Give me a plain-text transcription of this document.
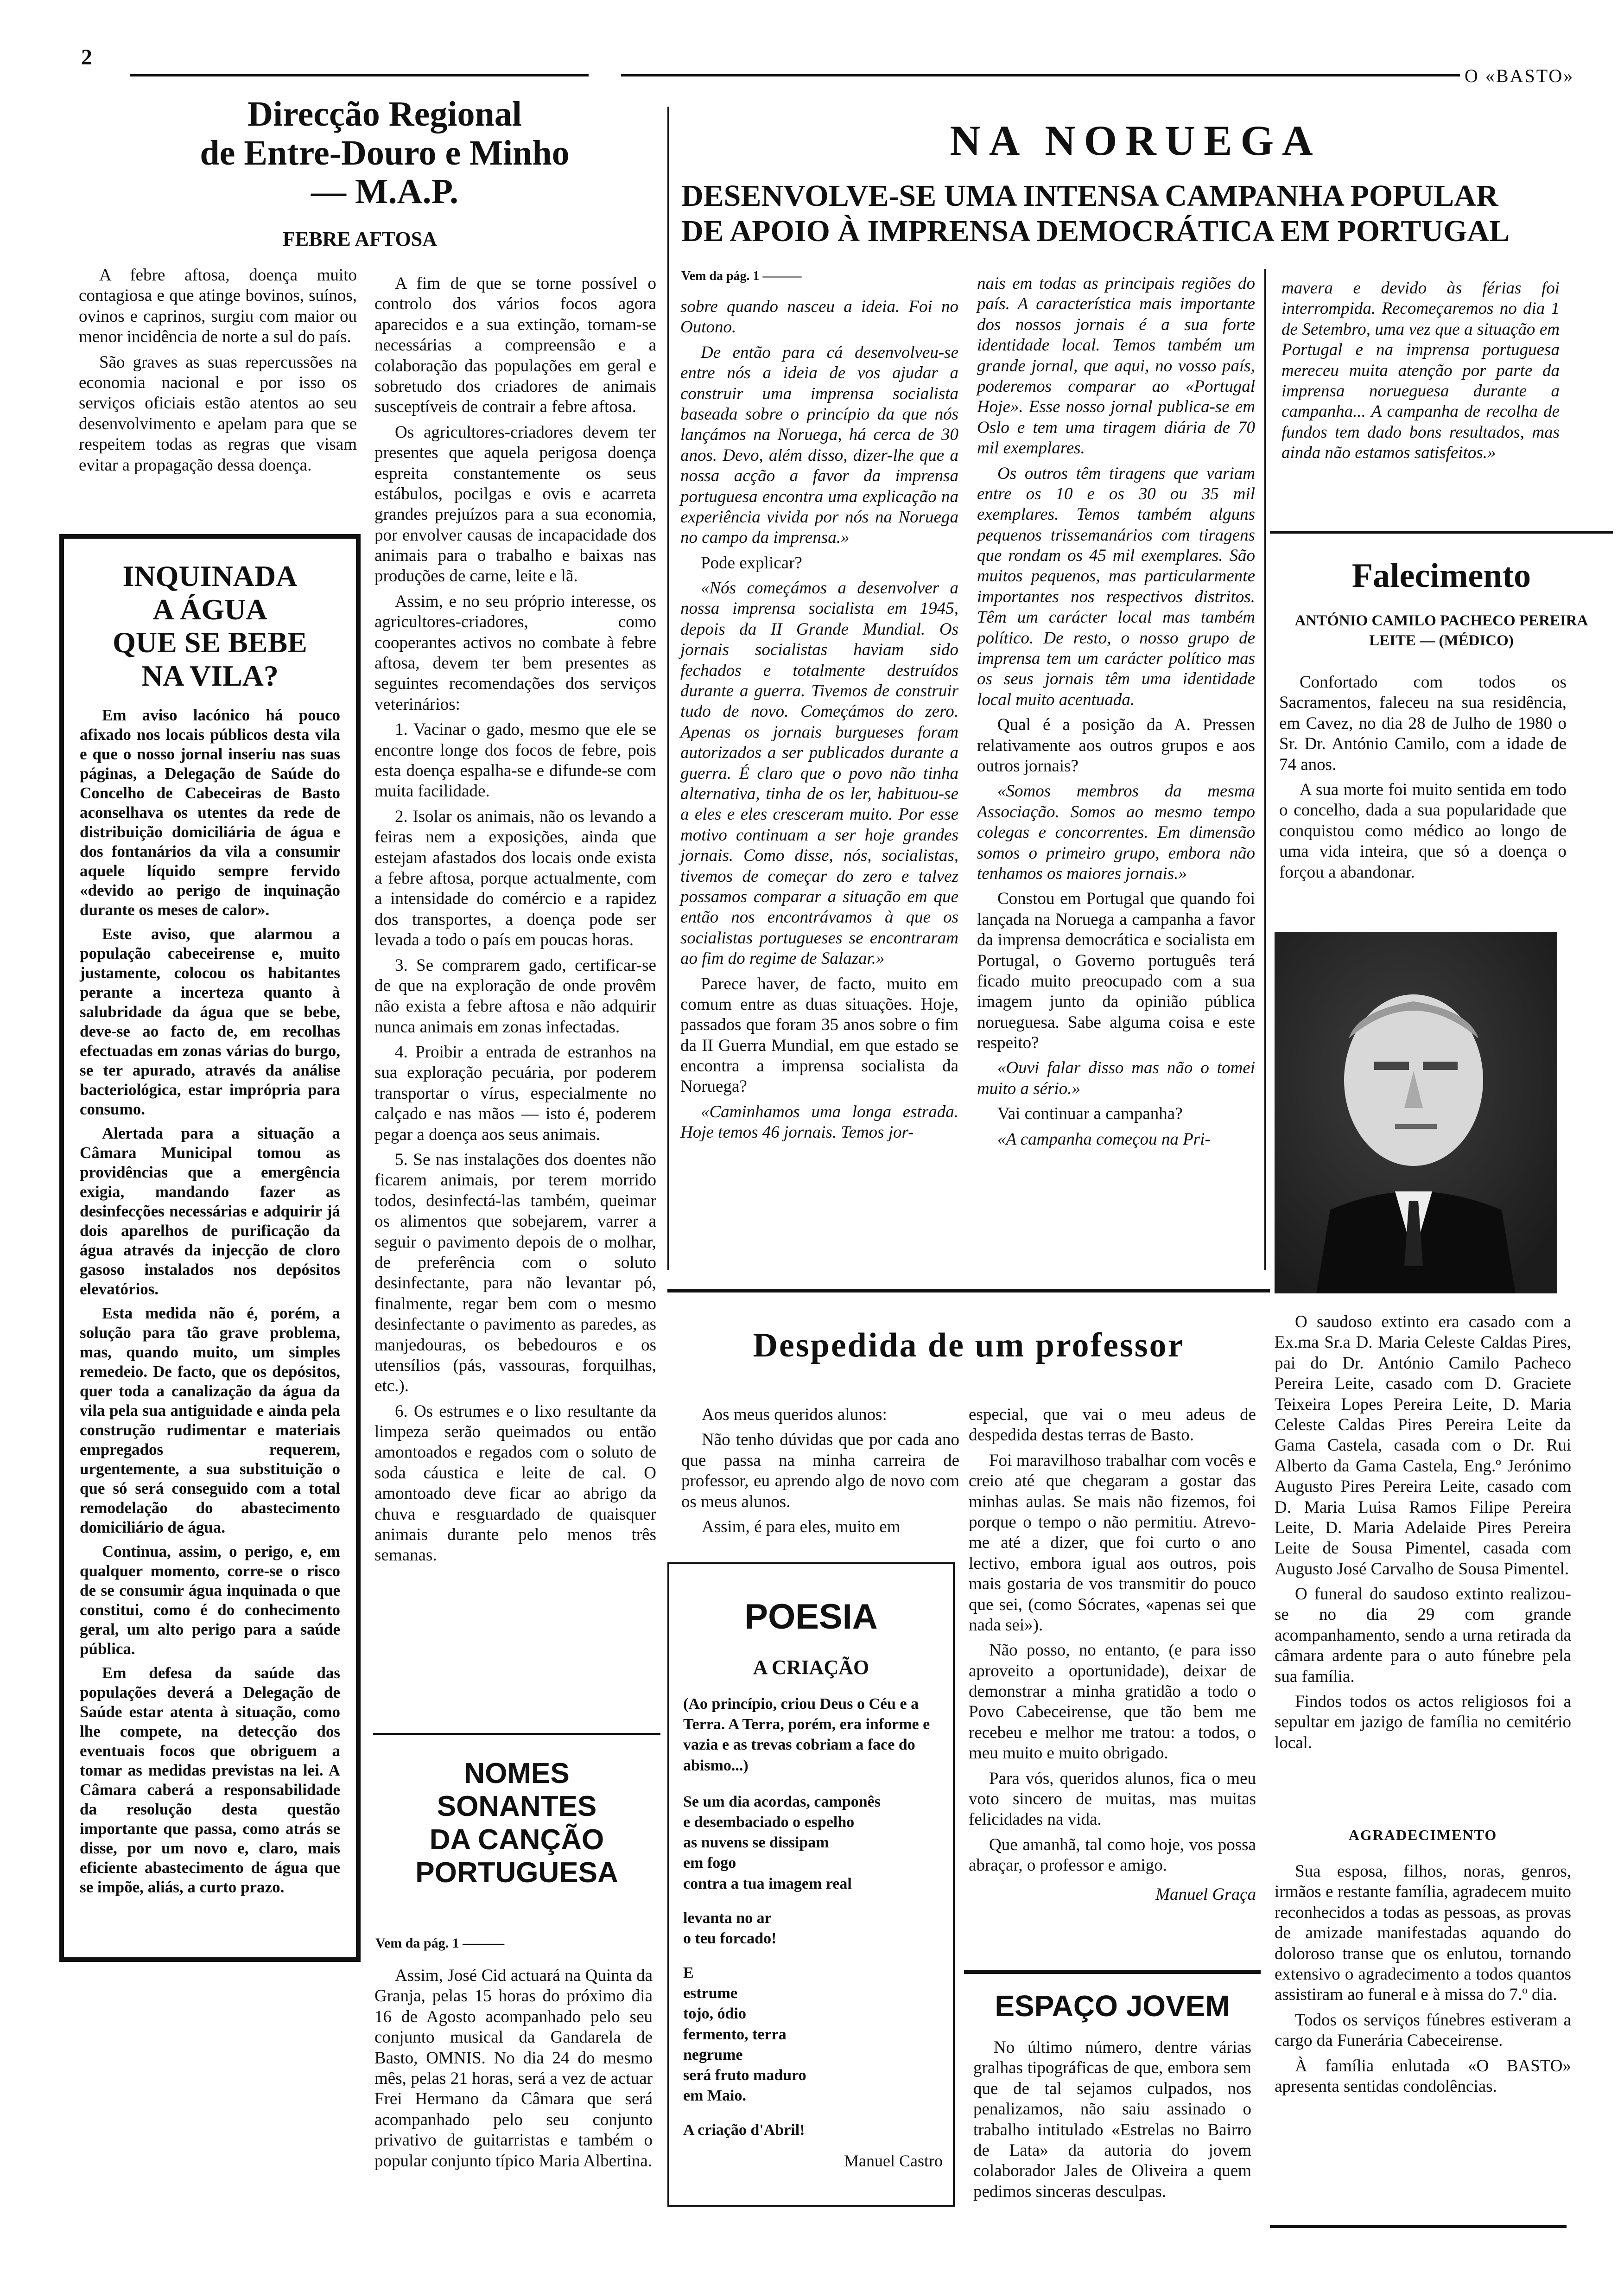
2
O «BASTO»
Direcção Regional
de Entre-Douro e Minho
— M.A.P.
FEBRE AFTOSA

A febre aftosa, doença muito contagiosa e que atinge bovinos, suínos, ovinos e caprinos, surgiu com maior ou menor incidência de norte a sul do país.

São graves as suas repercussões na economia nacional e por isso os serviços oficiais estão atentos ao seu desenvolvimento e apelam para que se respeitem todas as regras que visam evitar a propagação dessa doença.

A fim de que se torne possível o controlo dos vários focos agora aparecidos e a sua extinção, tornam-se necessárias a compreensão e a colaboração das populações em geral e sobretudo dos criadores de animais susceptíveis de contrair a febre aftosa.

Os agricultores-criadores devem ter presentes que aquela perigosa doença espreita constantemente os seus estábulos, pocilgas e ovis e acarreta grandes prejuízos para a sua economia, por envolver causas de incapacidade dos animais para o trabalho e baixas nas produções de carne, leite e lã.

Assim, e no seu próprio interesse, os agricultores-criadores, como cooperantes activos no combate à febre aftosa, devem ter bem presentes as seguintes recomendações dos serviços veterinários:

1. Vacinar o gado, mesmo que ele se encontre longe dos focos de febre, pois esta doença espalha-se e difunde-se com muita facilidade.

2. Isolar os animais, não os levando a feiras nem a exposições, ainda que estejam afastados dos locais onde exista a febre aftosa, porque actualmente, com a intensidade do comércio e a rapidez dos transportes, a doença pode ser levada a todo o país em poucas horas.

3. Se comprarem gado, certificar-se de que na exploração de onde provêm não exista a febre aftosa e não adquirir nunca animais em zonas infectadas.

4. Proibir a entrada de estranhos na sua exploração pecuária, por poderem transportar o vírus, especialmente no calçado e nas mãos — isto é, poderem pegar a doença aos seus animais.

5. Se nas instalações dos doentes não ficarem animais, por terem morrido todos, desinfectá-las também, queimar os alimentos que sobejarem, varrer a seguir o pavimento depois de o molhar, de preferência com o soluto desinfectante, para não levantar pó, finalmente, regar bem com o mesmo desinfectante o pavimento as paredes, as manjedouras, os bebedouros e os utensílios (pás, vassouras, forquilhas, etc.).

6. Os estrumes e o lixo resultante da limpeza serão queimados ou então amontoados e regados com o soluto de soda cáustica e leite de cal. O amontoado deve ficar ao abrigo da chuva e resguardado de quaisquer animais durante pelo menos três semanas.

INQUINADA
A ÁGUA
QUE SE BEBE
NA VILA?

Em aviso lacónico há pouco afixado nos locais públicos desta vila e que o nosso jornal inseriu nas suas páginas, a Delegação de Saúde do Concelho de Cabeceiras de Basto aconselhava os utentes da rede de distribuição domiciliária de água e dos fontanários da vila a consumir aquele líquido sempre fervido «devido ao perigo de inquinação durante os meses de calor».

Este aviso, que alarmou a população cabeceirense e, muito justamente, colocou os habitantes perante a incerteza quanto à salubridade da água que se bebe, deve-se ao facto de, em recolhas efectuadas em zonas várias do burgo, se ter apurado, através da análise bacteriológica, estar imprópria para consumo.

Alertada para a situação a Câmara Municipal tomou as providências que a emergência exigia, mandando fazer as desinfecções necessárias e adquirir já dois aparelhos de purificação da água através da injecção de cloro gasoso instalados nos depósitos elevatórios.

Esta medida não é, porém, a solução para tão grave problema, mas, quando muito, um simples remedeio. De facto, que os depósitos, quer toda a canalização da água da vila pela sua antiguidade e ainda pela construção rudimentar e materiais empregados requerem, urgentemente, a sua substituição o que só será conseguido com a total remodelação do abastecimento domiciliário de água.

Continua, assim, o perigo, e, em qualquer momento, corre-se o risco de se consumir água inquinada o que constitui, como é do conhecimento geral, um alto perigo para a saúde pública.

Em defesa da saúde das populações deverá a Delegação de Saúde estar atenta à situação, como lhe compete, na detecção dos eventuais focos que obriguem a tomar as medidas previstas na lei. A Câmara caberá a responsabilidade da resolução desta questão importante que passa, como atrás se disse, por um novo e, claro, mais eficiente abastecimento de água que se impõe, aliás, a curto prazo.

NOMES
SONANTES
DA CANÇÃO
PORTUGUESA
Vem da pág. 1 ———

Assim, José Cid actuará na Quinta da Granja, pelas 15 horas do próximo dia 16 de Agosto acompanhado pelo seu conjunto musical da Gandarela de Basto, OMNIS. No dia 24 do mesmo mês, pelas 21 horas, será a vez de actuar Frei Hermano da Câmara que será acompanhado pelo seu conjunto privativo de guitarristas e também o popular conjunto típico Maria Albertina.

NA NORUEGA
DESENVOLVE-SE UMA INTENSA CAMPANHA POPULAR
DE APOIO À IMPRENSA DEMOCRÁTICA EM PORTUGAL
Vem da pág. 1 ———

sobre quando nasceu a ideia. Foi no Outono.

De então para cá desenvolveu-se entre nós a ideia de vos ajudar a construir uma imprensa socialista baseada sobre o princípio da que nós lançámos na Noruega, há cerca de 30 anos. Devo, além disso, dizer-lhe que a nossa acção a favor da imprensa portuguesa encontra uma explicação na experiência vivida por nós na Noruega no campo da imprensa.»

Pode explicar?

«Nós começámos a desenvolver a nossa imprensa socialista em 1945, depois da II Grande Mundial. Os jornais socialistas haviam sido fechados e totalmente destruídos durante a guerra. Tivemos de construir tudo de novo. Começámos do zero. Apenas os jornais burgueses foram autorizados a ser publicados durante a guerra. É claro que o povo não tinha alternativa, tinha de os ler, habituou-se a eles e eles cresceram muito. Por esse motivo continuam a ser hoje grandes jornais. Como disse, nós, socialistas, tivemos de começar do zero e talvez possamos comparar a situação em que então nos encontrávamos à que os socialistas portugueses se encontraram ao fim do regime de Salazar.»

Parece haver, de facto, muito em comum entre as duas situações. Hoje, passados que foram 35 anos sobre o fim da II Guerra Mundial, em que estado se encontra a imprensa socialista da Noruega?

«Caminhamos uma longa estrada. Hoje temos 46 jornais. Temos jor-

nais em todas as principais regiões do país. A característica mais importante dos nossos jornais é a sua forte identidade local. Temos também um grande jornal, que aqui, no vosso país, poderemos comparar ao «Portugal Hoje». Esse nosso jornal publica-se em Oslo e tem uma tiragem diária de 70 mil exemplares.

Os outros têm tiragens que variam entre os 10 e os 30 ou 35 mil exemplares. Temos também alguns pequenos trissemanários com tiragens que rondam os 45 mil exemplares. São muitos pequenos, mas particularmente importantes nos respectivos distritos. Têm um carácter local mas também político. De resto, o nosso grupo de imprensa tem um carácter político mas os seus jornais têm uma identidade local muito acentuada.

Qual é a posição da A. Pressen relativamente aos outros grupos e aos outros jornais?

«Somos membros da mesma Associação. Somos ao mesmo tempo colegas e concorrentes. Em dimensão somos o primeiro grupo, embora não tenhamos os maiores jornais.»

Constou em Portugal que quando foi lançada na Noruega a campanha a favor da imprensa democrática e socialista em Portugal, o Governo português terá ficado muito preocupado com a sua imagem junto da opinião pública norueguesa. Sabe alguma coisa e este respeito?

«Ouvi falar disso mas não o tomei muito a sério.»

Vai continuar a campanha?

«A campanha começou na Pri-

mavera e devido às férias foi interrompida. Recomeçaremos no dia 1 de Setembro, uma vez que a situação em Portugal e na imprensa portuguesa mereceu muita atenção por parte da imprensa norueguesa durante a campanha... A campanha de recolha de fundos tem dado bons resultados, mas ainda não estamos satisfeitos.»

Falecimento
ANTÓNIO CAMILO PACHECO PEREIRA LEITE — (MÉDICO)

Confortado com todos os Sacramentos, faleceu na sua residência, em Cavez, no dia 28 de Julho de 1980 o Sr. Dr. António Camilo, com a idade de 74 anos.

A sua morte foi muito sentida em todo o concelho, dada a sua popularidade que conquistou como médico ao longo de uma vida inteira, que só a doença o forçou a abandonar.

O saudoso extinto era casado com a Ex.ma Sr.a D. Maria Celeste Caldas Pires, pai do Dr. António Camilo Pacheco Pereira Leite, casado com D. Graciete Teixeira Lopes Pereira Leite, D. Maria Celeste Caldas Pires Pereira Leite da Gama Castela, casada com o Dr. Rui Alberto da Gama Castela, Eng.º Jerónimo Augusto Pires Pereira Leite, casado com D. Maria Luisa Ramos Filipe Pereira Leite, D. Maria Adelaide Pires Pereira Leite de Sousa Pimentel, casada com Augusto José Carvalho de Sousa Pimentel.

O funeral do saudoso extinto realizou-se no dia 29 com grande acompanhamento, sendo a urna retirada da câmara ardente para o auto fúnebre pela sua família.

Findos todos os actos religiosos foi a sepultar em jazigo de família no cemitério local.

AGRADECIMENTO

Sua esposa, filhos, noras, genros, irmãos e restante família, agradecem muito reconhecidos a todas as pessoas, as provas de amizade manifestadas aquando do doloroso transe que os enlutou, tornando extensivo o agradecimento a todos quantos assistiram ao funeral e à missa do 7.º dia.

Todos os serviços fúnebres estiveram a cargo da Funerária Cabeceirense.

À família enlutada «O BASTO» apresenta sentidas condolências.

Despedida de um professor

Aos meus queridos alunos:

Não tenho dúvidas que por cada ano que passa na minha carreira de professor, eu aprendo algo de novo com os meus alunos.

Assim, é para eles, muito em

especial, que vai o meu adeus de despedida destas terras de Basto.

Foi maravilhoso trabalhar com vocês e creio até que chegaram a gostar das minhas aulas. Se mais não fizemos, foi porque o tempo o não permitiu. Atrevo-me até a dizer, que foi curto o ano lectivo, embora igual aos outros, pois mais gostaria de vos transmitir do pouco que sei, (como Sócrates, «apenas sei que nada sei»).

Não posso, no entanto, (e para isso aproveito a oportunidade), deixar de demonstrar a minha gratidão a todo o Povo Cabeceirense, que tão bem me recebeu e melhor me tratou: a todos, o meu muito e muito obrigado.

Para vós, queridos alunos, fica o meu voto sincero de muitas, mas muitas felicidades na vida.

Que amanhã, tal como hoje, vos possa abraçar, o professor e amigo.

Manuel Graça

POESIA
A CRIAÇÃO

(Ao princípio, criou Deus o Céu e a Terra. A Terra, porém, era informe e vazia e as trevas cobriam a face do abismo...)

Se um dia acordas, camponês

e desembaciado o espelho

as nuvens se dissipam

em fogo

contra a tua imagem real

levanta no ar

o teu forcado!

E

estrume

tojo, ódio

fermento, terra

negrume

será fruto maduro

em Maio.

A criação d'Abril!

Manuel Castro

ESPAÇO JOVEM

No último número, dentre várias gralhas tipográficas de que, embora sem que de tal sejamos culpados, nos penalizamos, não saiu assinado o trabalho intitulado «Estrelas no Bairro de Lata» da autoria do jovem colaborador Jales de Oliveira a quem pedimos sinceras desculpas.
